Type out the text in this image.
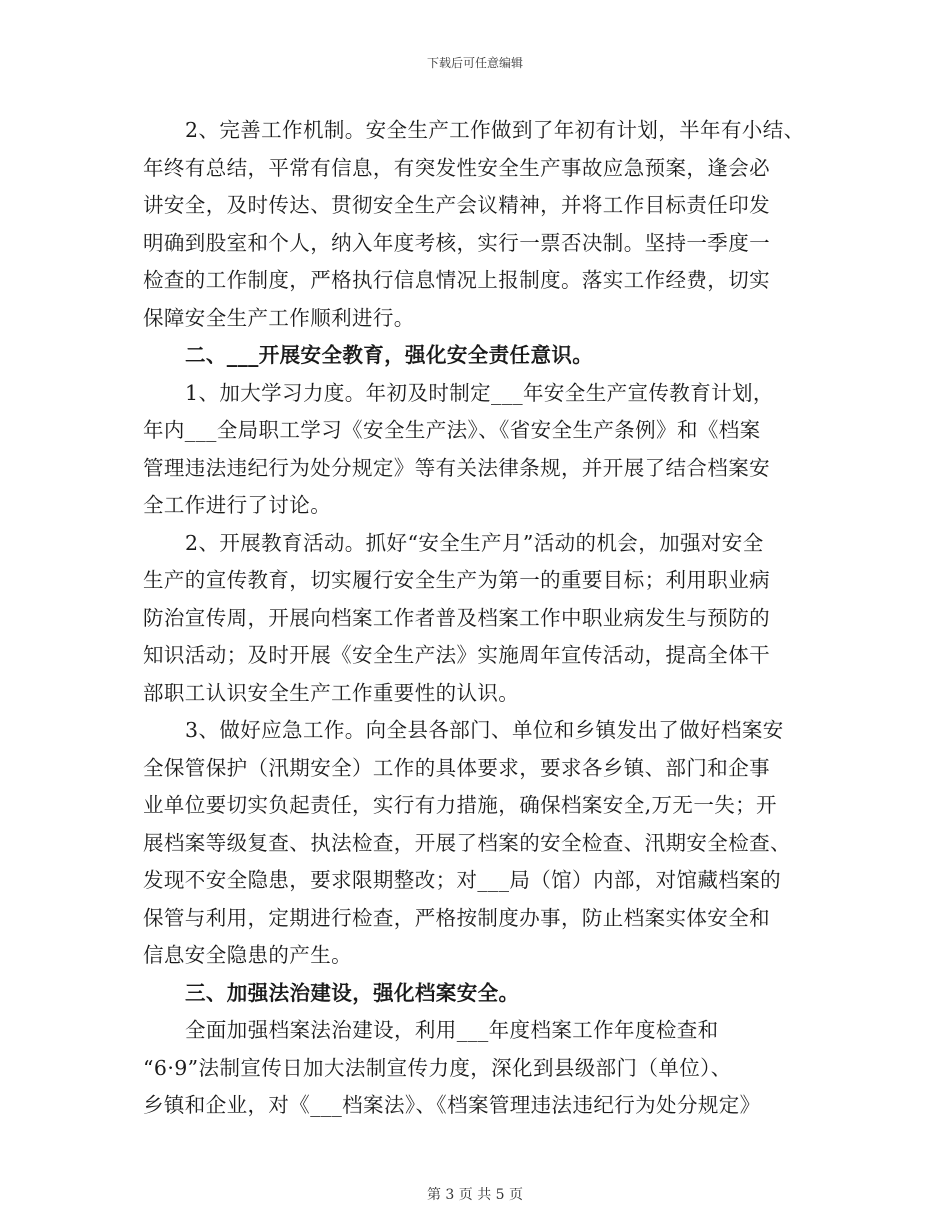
下载后可任意编辑
2、完善工作机制。安全生产工作做到了年初有计划，半年有小结、
年终有总结，平常有信息，有突发性安全生产事故应急预案，逢会必
讲安全，及时传达、贯彻安全生产会议精神，并将工作目标责任印发
明确到股室和个人，纳入年度考核，实行一票否决制。坚持一季度一
检查的工作制度，严格执行信息情况上报制度。落实工作经费，切实
保障安全生产工作顺利进行。
二、___开展安全教育，强化安全责任意识。
1、加大学习力度。年初及时制定___年安全生产宣传教育计划，
年内___全局职工学习《安全生产法》、《省安全生产条例》和《档案
管理违法违纪行为处分规定》等有关法律条规，并开展了结合档案安
全工作进行了讨论。
2、开展教育活动。抓好“安全生产月”活动的机会，加强对安全
生产的宣传教育，切实履行安全生产为第一的重要目标；利用职业病
防治宣传周，开展向档案工作者普及档案工作中职业病发生与预防的
知识活动；及时开展《安全生产法》实施周年宣传活动，提高全体干
部职工认识安全生产工作重要性的认识。
3、做好应急工作。向全县各部门、单位和乡镇发出了做好档案安
全保管保护（汛期安全）工作的具体要求，要求各乡镇、部门和企事
业单位要切实负起责任，实行有力措施，确保档案安全,万无一失；开
展档案等级复查、执法检查，开展了档案的安全检查、汛期安全检查、
发现不安全隐患，要求限期整改；对___局（馆）内部，对馆藏档案的
保管与利用，定期进行检查，严格按制度办事，防止档案实体安全和
信息安全隐患的产生。
三、加强法治建设，强化档案安全。
全面加强档案法治建设，利用___年度档案工作年度检查和
“6·9”法制宣传日加大法制宣传力度，深化到县级部门（单位）、
乡镇和企业，对《___档案法》、《档案管理违法违纪行为处分规定》
第 3 页 共 5 页
